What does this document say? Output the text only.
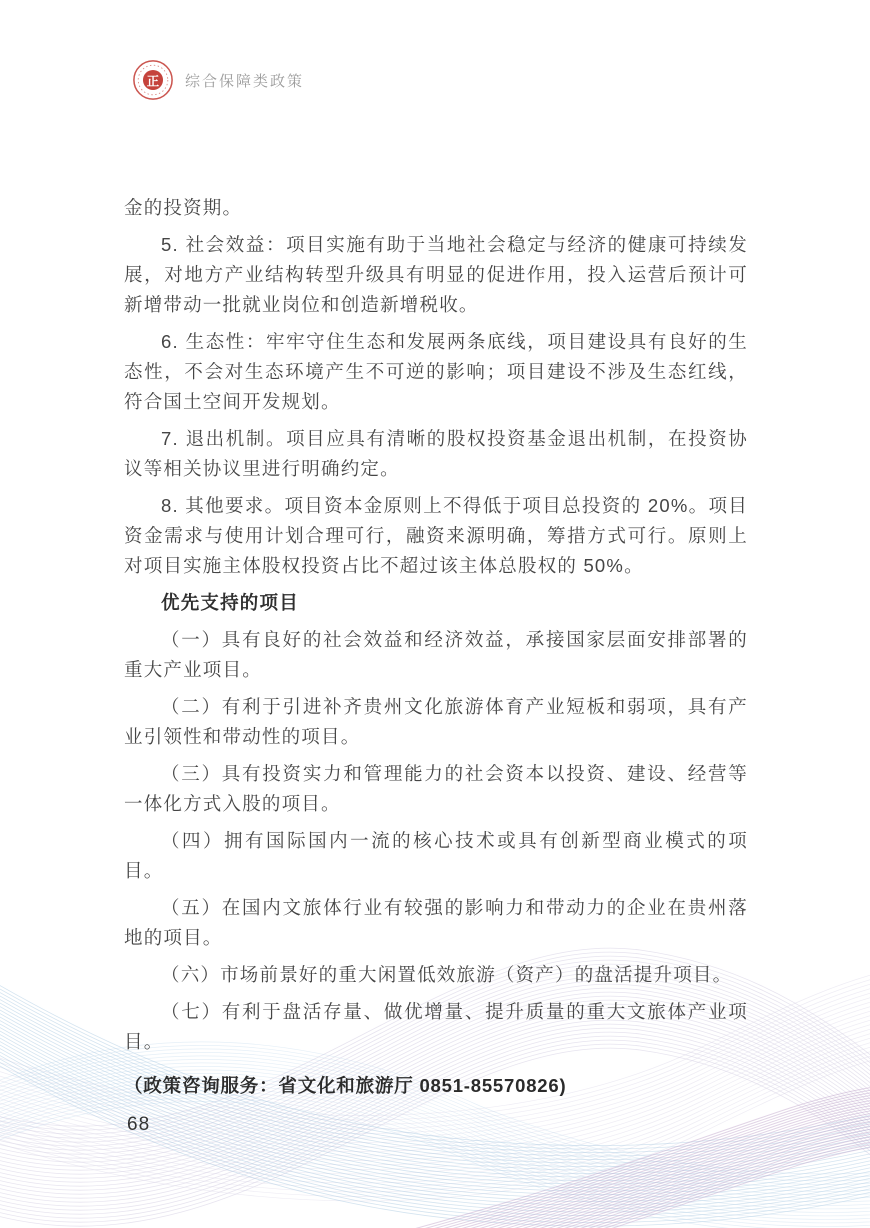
正 综合保障类政策

金的投资期。

5. 社会效益：项目实施有助于当地社会稳定与经济的健康可持续发展，对地方产业结构转型升级具有明显的促进作用，投入运营后预计可新增带动一批就业岗位和创造新增税收。

6. 生态性：牢牢守住生态和发展两条底线，项目建设具有良好的生态性，不会对生态环境产生不可逆的影响；项目建设不涉及生态红线，符合国土空间开发规划。

7. 退出机制。项目应具有清晰的股权投资基金退出机制，在投资协议等相关协议里进行明确约定。

8. 其他要求。项目资本金原则上不得低于项目总投资的 20%。项目资金需求与使用计划合理可行，融资来源明确，筹措方式可行。原则上对项目实施主体股权投资占比不超过该主体总股权的 50%。

优先支持的项目

（一）具有良好的社会效益和经济效益，承接国家层面安排部署的重大产业项目。

（二）有利于引进补齐贵州文化旅游体育产业短板和弱项，具有产业引领性和带动性的项目。

（三）具有投资实力和管理能力的社会资本以投资、建设、经营等一体化方式入股的项目。

（四）拥有国际国内一流的核心技术或具有创新型商业模式的项目。

（五）在国内文旅体行业有较强的影响力和带动力的企业在贵州落地的项目。

（六）市场前景好的重大闲置低效旅游（资产）的盘活提升项目。

（七）有利于盘活存量、做优增量、提升质量的重大文旅体产业项目。

（政策咨询服务：省文化和旅游厅 0851-85570826)

68
